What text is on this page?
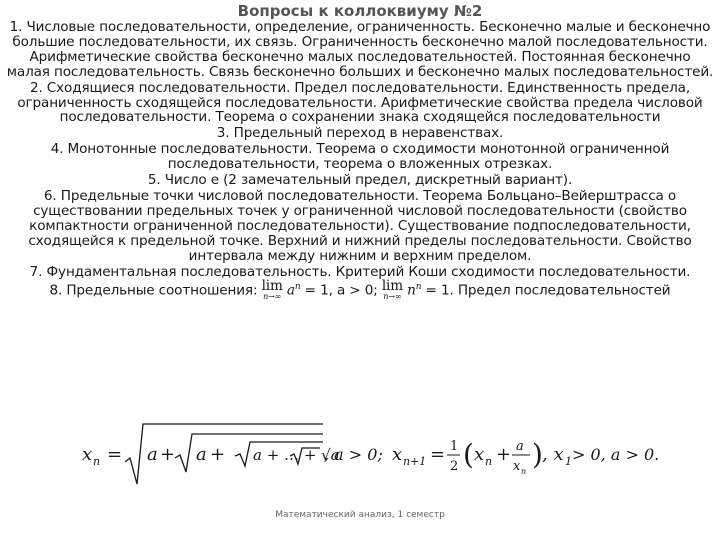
Вопросы к коллоквиуму №2

1. Числовые последовательности, определение, ограниченность. Бесконечно малые и бесконечно большие последовательности, их связь. Ограниченность бесконечно малой последовательности. Арифметические свойства бесконечно малых последовательностей. Постоянная бесконечно малая последовательность. Связь бесконечно больших и бесконечно малых последовательностей.

2. Сходящиеся последовательности. Предел последовательности. Единственность предела, ограниченность сходящейся последовательности. Арифметические свойства предела числовой последовательности. Теорема о сохранении знака сходящейся последовательности

3. Предельный переход в неравенствах.

4. Монотонные последовательности. Теорема о сходимости монотонной ограниченной последовательности, теорема о вложенных отрезках.

5. Число e (2 замечательный предел, дискретный вариант).

6. Предельные точки числовой последовательности. Теорема Больцано–Вейерштрасса о существовании предельных точек у ограниченной числовой последовательности (свойство компактности ограниченной последовательности). Существование подпоследовательности, сходящейся к предельной точке. Верхний и нижний пределы последовательности. Свойство интервала между нижним и верхним пределом.

7. Фундаментальная последовательность. Критерий Коши сходимости последовательности.

8. Предельные соотношения: lim
n→∞ $a^n = 1$, a > 0; lim
n→∞ $n^n = 1$. Предел последовательностей

x n = a + a + a + … + √a
, a > 0; x n+1 = 1
2 ( x n + a
x n
) , x 1 > 0, a > 0.
Математический анализ, 1 семестр
